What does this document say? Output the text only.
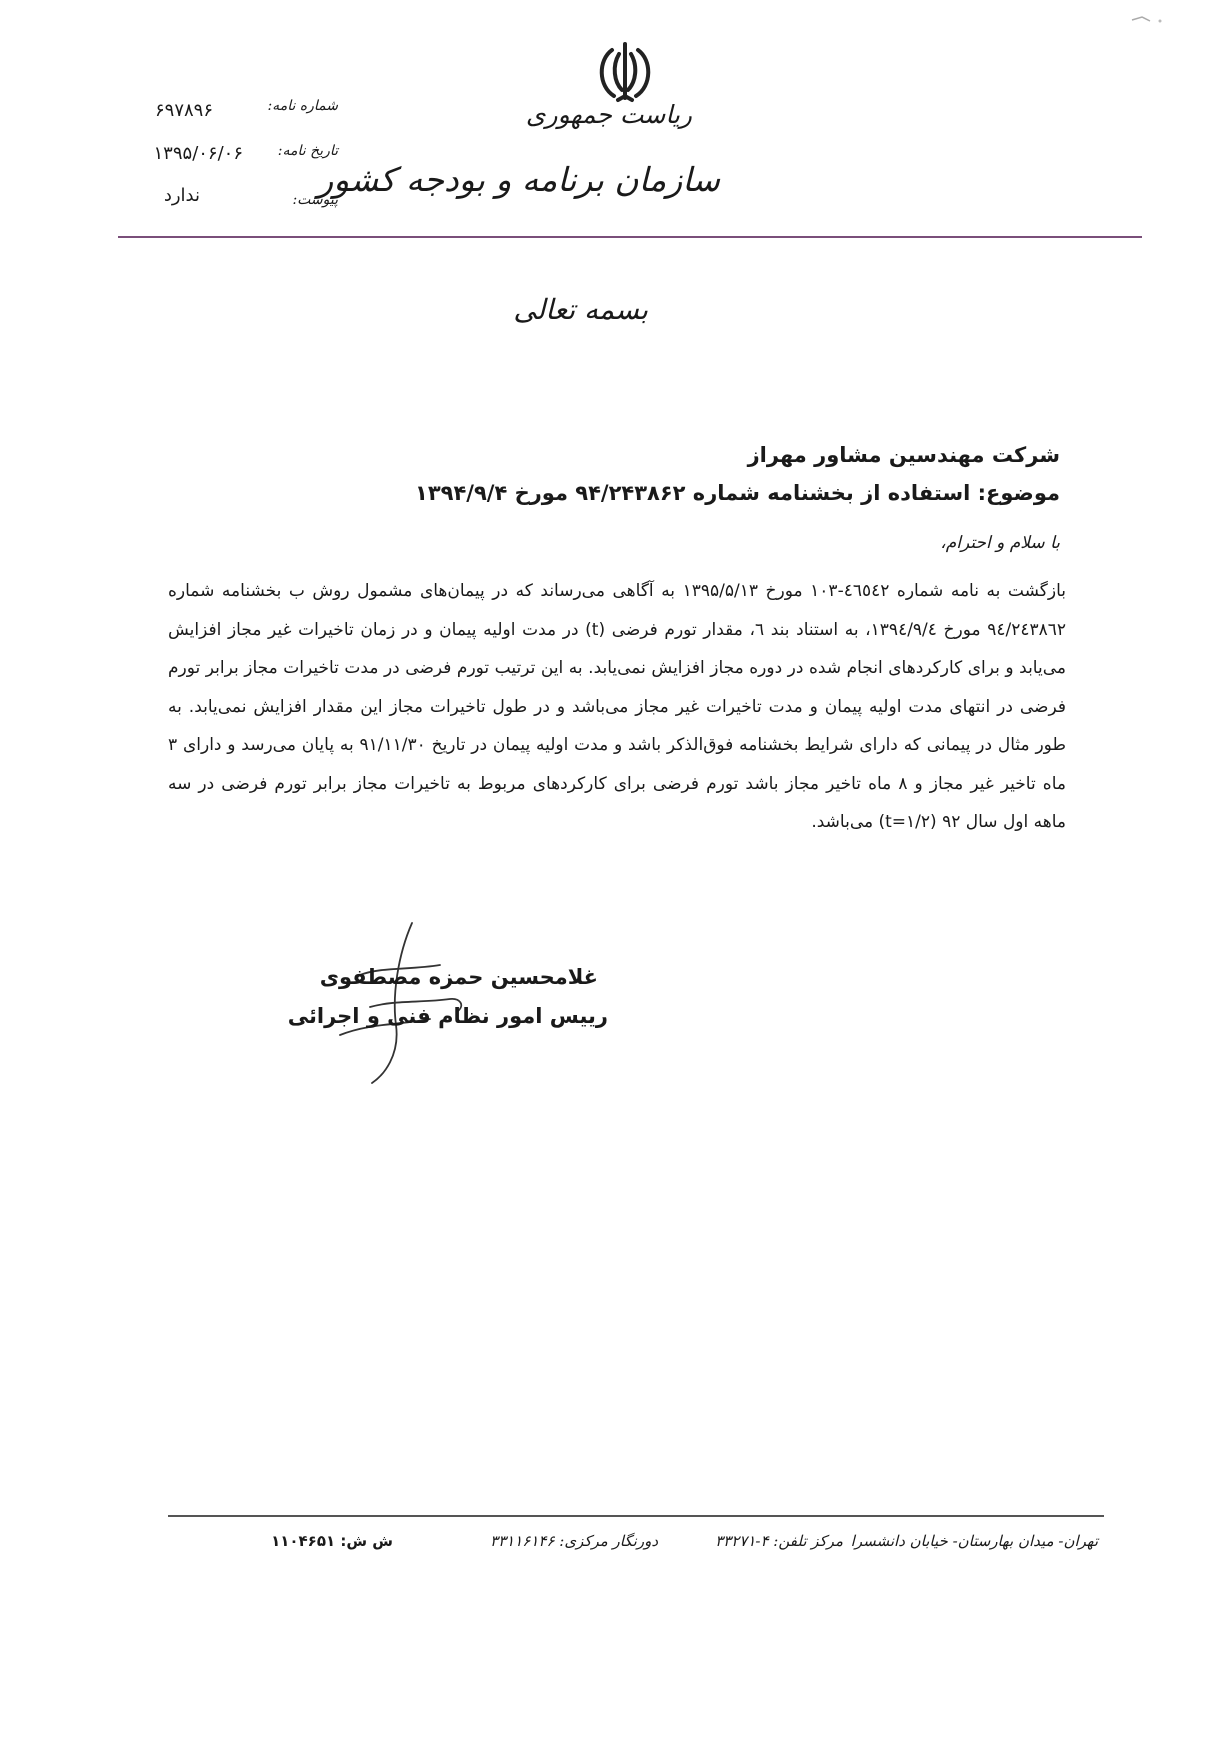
ریاست جمهوری
سازمان برنامه و بودجه کشور
شماره نامه:
۶۹۷۸۹۶
تاریخ نامه:
۱۳۹۵/۰۶/۰۶
پیوست:
ندارد
بسمه تعالی
شرکت مهندسین مشاور مهراز
موضوع: استفاده از بخشنامه شماره ۹۴/۲۴۳۸۶۲ مورخ ۱۳۹۴/۹/۴
با سلام و احترام،
بازگشت به نامه شماره ٤٦٥٤٢-١٠٣ مورخ ۱۳۹۵/۵/۱۳ به آگاهی می‌رساند که در پیمان‌های مشمول روش ب بخشنامه شماره ٩٤/٢٤٣٨٦٢ مورخ ١٣٩٤/٩/٤، به استناد بند ٦، مقدار تورم فرضی (t) در مدت اولیه پیمان و در زمان تاخیرات غیر مجاز افزایش می‌یابد و برای کارکردهای انجام شده در دوره مجاز افزایش نمی‌یابد. به این ترتیب تورم فرضی در مدت تاخیرات مجاز برابر تورم فرضی در انتهای مدت اولیه پیمان و مدت تاخیرات غیر مجاز می‌باشد و در طول تاخیرات مجاز این مقدار افزایش نمی‌یابد. به طور مثال در پیمانی که دارای شرایط بخشنامه فوق‌الذکر باشد و مدت اولیه پیمان در تاریخ ۹۱/۱۱/۳۰ به پایان می‌رسد و دارای ۳ ماه تاخیر غیر مجاز و ۸ ماه تاخیر مجاز باشد تورم فرضی برای کارکردهای مربوط به تاخیرات مجاز برابر تورم فرضی در سه ماهه اول سال ۹۲ (t=۱/۲) می‌باشد.
غلامحسین حمزه مصطفوی
رییس امور نظام فنی و اجرائی
تهران- میدان بهارستان- خیابان دانشسرا
مرکز تلفن: ۴-۳۳۲۷۱
دورنگار مرکزی: ۳۳۱۱۶۱۴۶
ش ش: ۱۱۰۴۶۵۱
